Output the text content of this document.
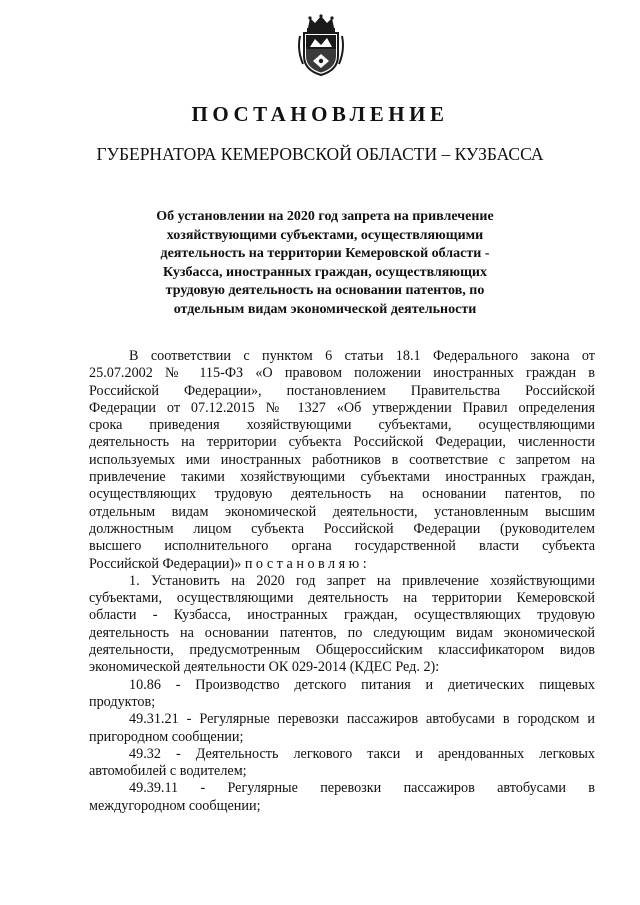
ПОСТАНОВЛЕНИЕ
ГУБЕРНАТОРА КЕМЕРОВСКОЙ ОБЛАСТИ – КУЗБАССА
Об установлении на 2020 год запрета на привлечение
хозяйствующими субъектами, осуществляющими
деятельность на территории Кемеровской области -
Кузбасса, иностранных граждан, осуществляющих
трудовую деятельность на основании патентов, по
отдельным видам экономической деятельности
В соответствии с пунктом 6 статьи 18.1 Федерального закона от
25.07.2002 № 115-ФЗ «О правовом положении иностранных граждан в
Российской Федерации», постановлением Правительства Российской
Федерации от 07.12.2015 № 1327 «Об утверждении Правил определения
срока приведения хозяйствующими субъектами, осуществляющими
деятельность на территории субъекта Российской Федерации, численности
используемых ими иностранных работников в соответствие с запретом на
привлечение такими хозяйствующими субъектами иностранных граждан,
осуществляющих трудовую деятельность на основании патентов, по
отдельным видам экономической деятельности, установленным высшим
должностным лицом субъекта Российской Федерации (руководителем
высшего исполнительного органа государственной власти субъекта
Российской Федерации)» постановляю:
1. Установить на 2020 год запрет на привлечение хозяйствующими
субъектами, осуществляющими деятельность на территории Кемеровской
области - Кузбасса, иностранных граждан, осуществляющих трудовую
деятельность на основании патентов, по следующим видам экономической
деятельности, предусмотренным Общероссийским классификатором видов
экономической деятельности ОК 029-2014 (КДЕС Ред. 2):
10.86 - Производство детского питания и диетических пищевых
продуктов;
49.31.21 - Регулярные перевозки пассажиров автобусами в городском и
пригородном сообщении;
49.32 - Деятельность легкового такси и арендованных легковых
автомобилей с водителем;
49.39.11 - Регулярные перевозки пассажиров автобусами в
междугородном сообщении;
